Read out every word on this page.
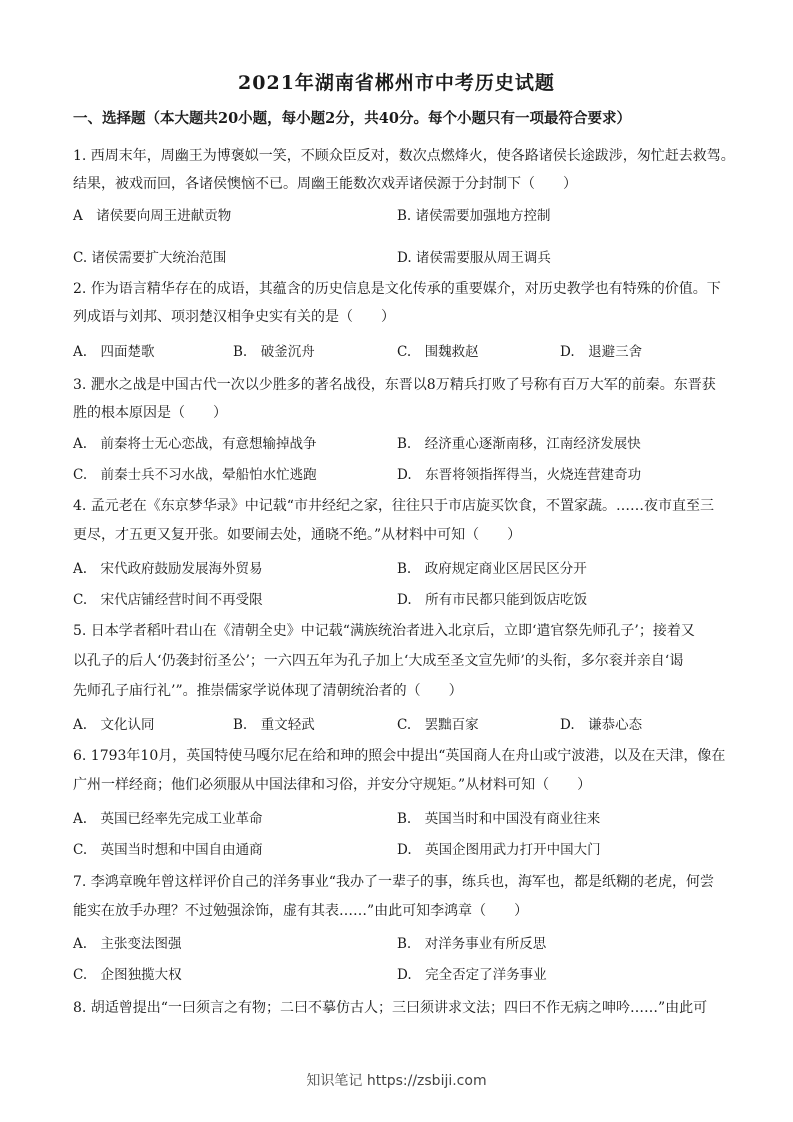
2021年湖南省郴州市中考历史试题
一、选择题（本大题共20小题，每小题2分，共40分。每个小题只有一项最符合要求）
1. 西周末年，周幽王为博褒姒一笑，不顾众臣反对，数次点燃烽火，使各路诸侯长途跋涉，匆忙赶去救驾。
结果，被戏而回，各诸侯懊恼不已。周幽王能数次戏弄诸侯源于分封制下（　　）
A　诸侯要向周王进献贡物	B. 诸侯需要加强地方控制
C. 诸侯需要扩大统治范围	D. 诸侯需要服从周王调兵
2. 作为语言精华存在的成语，其蕴含的历史信息是文化传承的重要媒介，对历史教学也有特殊的价值。下
列成语与刘邦、项羽楚汉相争史实有关的是（　　）
A.　四面楚歌	B.　破釜沉舟	C.　围魏救赵	D.　退避三舍
3. 淝水之战是中国古代一次以少胜多的著名战役，东晋以8万精兵打败了号称有百万大军的前秦。东晋获
胜的根本原因是（　　）
A.　前秦将士无心恋战，有意想输掉战争	B.　经济重心逐渐南移，江南经济发展快
C.　前秦士兵不习水战，晕船怕水忙逃跑	D.　东晋将领指挥得当，火烧连营建奇功
4. 孟元老在《东京梦华录》中记载“市井经纪之家，往往只于市店旋买饮食，不置家蔬。……夜市直至三
更尽，才五更又复开张。如要闹去处，通晓不绝。”从材料中可知（　　）
A.　宋代政府鼓励发展海外贸易	B.　政府规定商业区居民区分开
C.　宋代店铺经营时间不再受限	D.　所有市民都只能到饭店吃饭
5. 日本学者稻叶君山在《清朝全史》中记载“满族统治者进入北京后，立即‘遣官祭先师孔子’；接着又
以孔子的后人‘仍袭封衍圣公’；一六四五年为孔子加上‘大成至圣文宣先师’的头衔，多尔衮并亲自‘谒
先师孔子庙行礼’”。推崇儒家学说体现了清朝统治者的（　　）
A.　文化认同	B.　重文轻武	C.　罢黜百家	D.　谦恭心态
6. 1793年10月，英国特使马嘎尔尼在给和珅的照会中提出“英国商人在舟山或宁波港，以及在天津，像在
广州一样经商；他们必须服从中国法律和习俗，并安分守规矩。”从材料可知（　　）
A.　英国已经率先完成工业革命	B.　英国当时和中国没有商业往来
C.　英国当时想和中国自由通商	D.　英国企图用武力打开中国大门
7. 李鸿章晚年曾这样评价自己的洋务事业“我办了一辈子的事，练兵也，海军也，都是纸糊的老虎，何尝
能实在放手办理？不过勉强涂饰，虚有其表……”由此可知李鸿章（　　）
A.　主张变法图强	B.　对洋务事业有所反思
C.　企图独揽大权	D.　完全否定了洋务事业
8. 胡适曾提出“一曰须言之有物；二曰不摹仿古人；三曰须讲求文法；四曰不作无病之呻吟……”由此可
知识笔记 https://zsbiji.com
